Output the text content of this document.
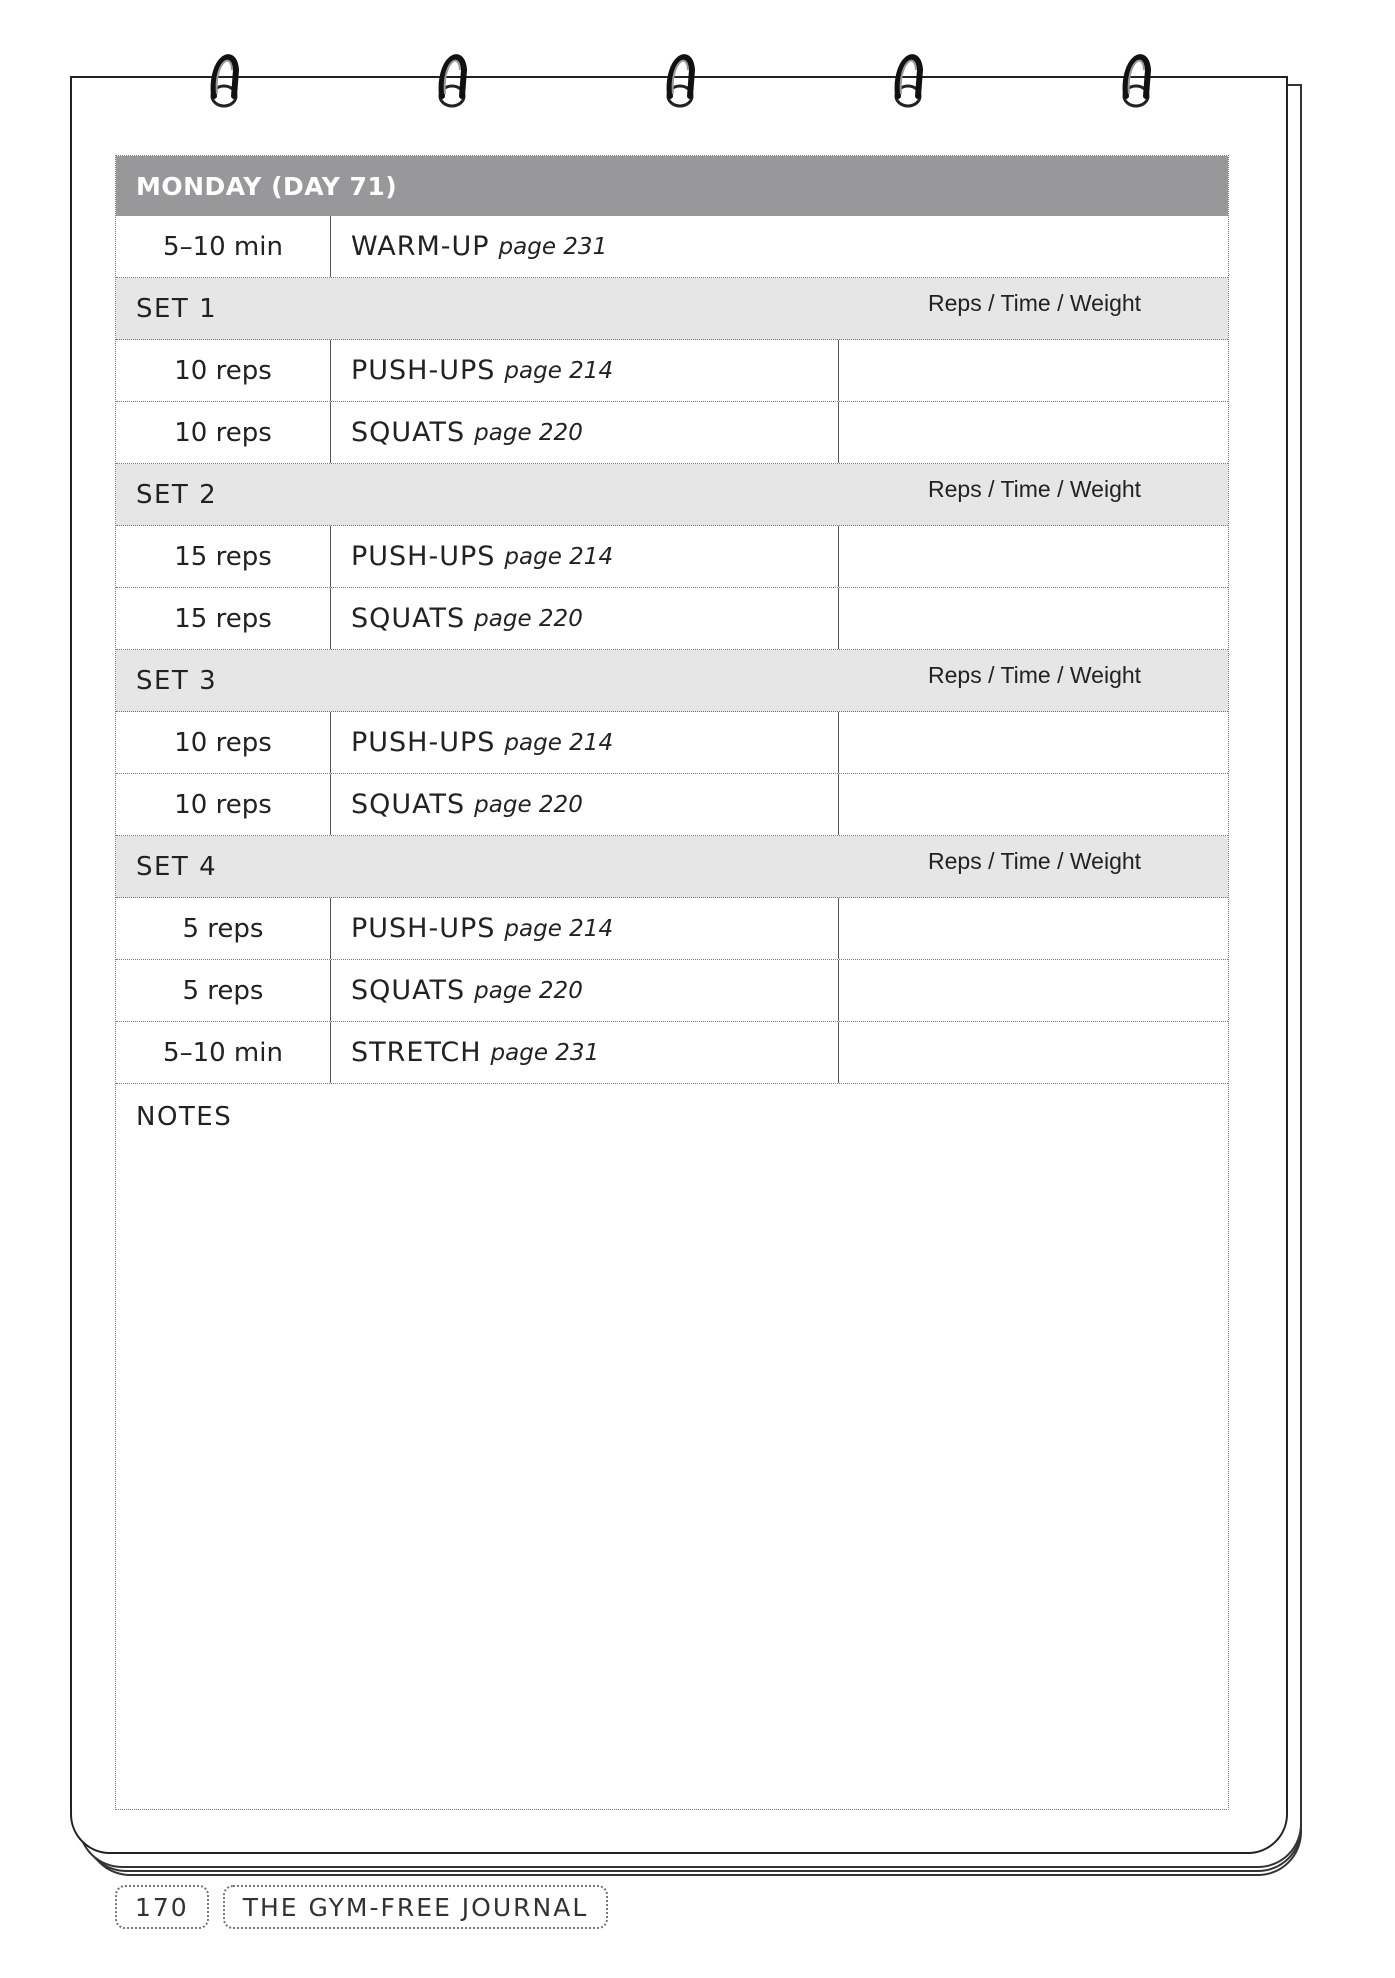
MONDAY (DAY 71)
5–10 min	WARM-UP page 231
SET 1	Reps / Time / Weight
10 reps	PUSH-UPS page 214
10 reps	SQUATS page 220
SET 2	Reps / Time / Weight
15 reps	PUSH-UPS page 214
15 reps	SQUATS page 220
SET 3	Reps / Time / Weight
10 reps	PUSH-UPS page 214
10 reps	SQUATS page 220
SET 4	Reps / Time / Weight
5 reps	PUSH-UPS page 214
5 reps	SQUATS page 220
5–10 min	STRETCH page 231
NOTES
170	THE GYM-FREE JOURNAL
